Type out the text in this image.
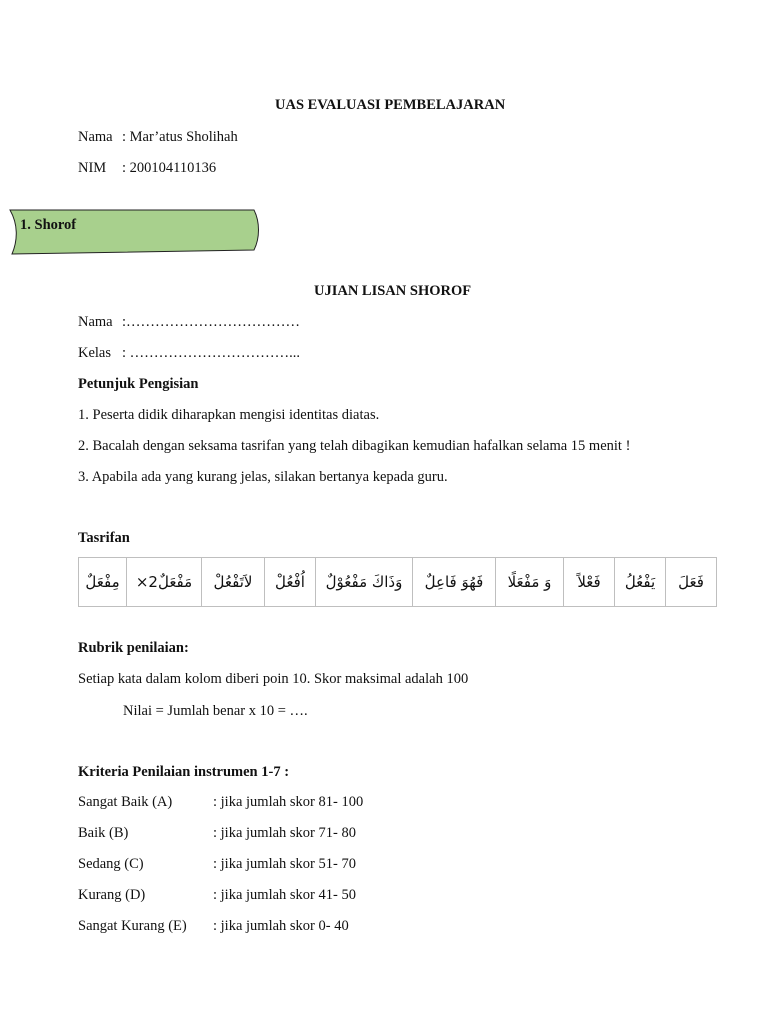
UAS EVALUASI PEMBELAJARAN
Nama : Mar’atus Sholihah
NIM : 200104110136
1. Shorof
UJIAN LISAN SHOROF
Nama :………………………………
Kelas : ……………………………...
Petunjuk Pengisian
1. Peserta didik diharapkan mengisi identitas diatas.
2. Bacalah dengan seksama tasrifan yang telah dibagikan kemudian hafalkan selama 15 menit !
3. Apabila ada yang kurang jelas, silakan bertanya kepada guru.
Tasrifan
فَعَلَ	يَفْعُلُ	فَعْلاً	وَ مَفْعَلًا	فَهُوَ فَاعِلٌ	وَذَاكَ مَفْعُوْلٌ	اُفْعُلْ	لاَتَفْعُلْ	مَفْعَلٌ2×	مِفْعَلٌ
Rubrik penilaian:
Setiap kata dalam kolom diberi poin 10. Skor maksimal adalah 100
Nilai = Jumlah benar x 10 = ….
Kriteria Penilaian instrumen 1-7 :
Sangat Baik (A)	: jika jumlah skor 81- 100
Baik (B)	: jika jumlah skor 71- 80
Sedang (C)	: jika jumlah skor 51- 70
Kurang (D)	: jika jumlah skor 41- 50
Sangat Kurang (E) : jika jumlah skor 0- 40
